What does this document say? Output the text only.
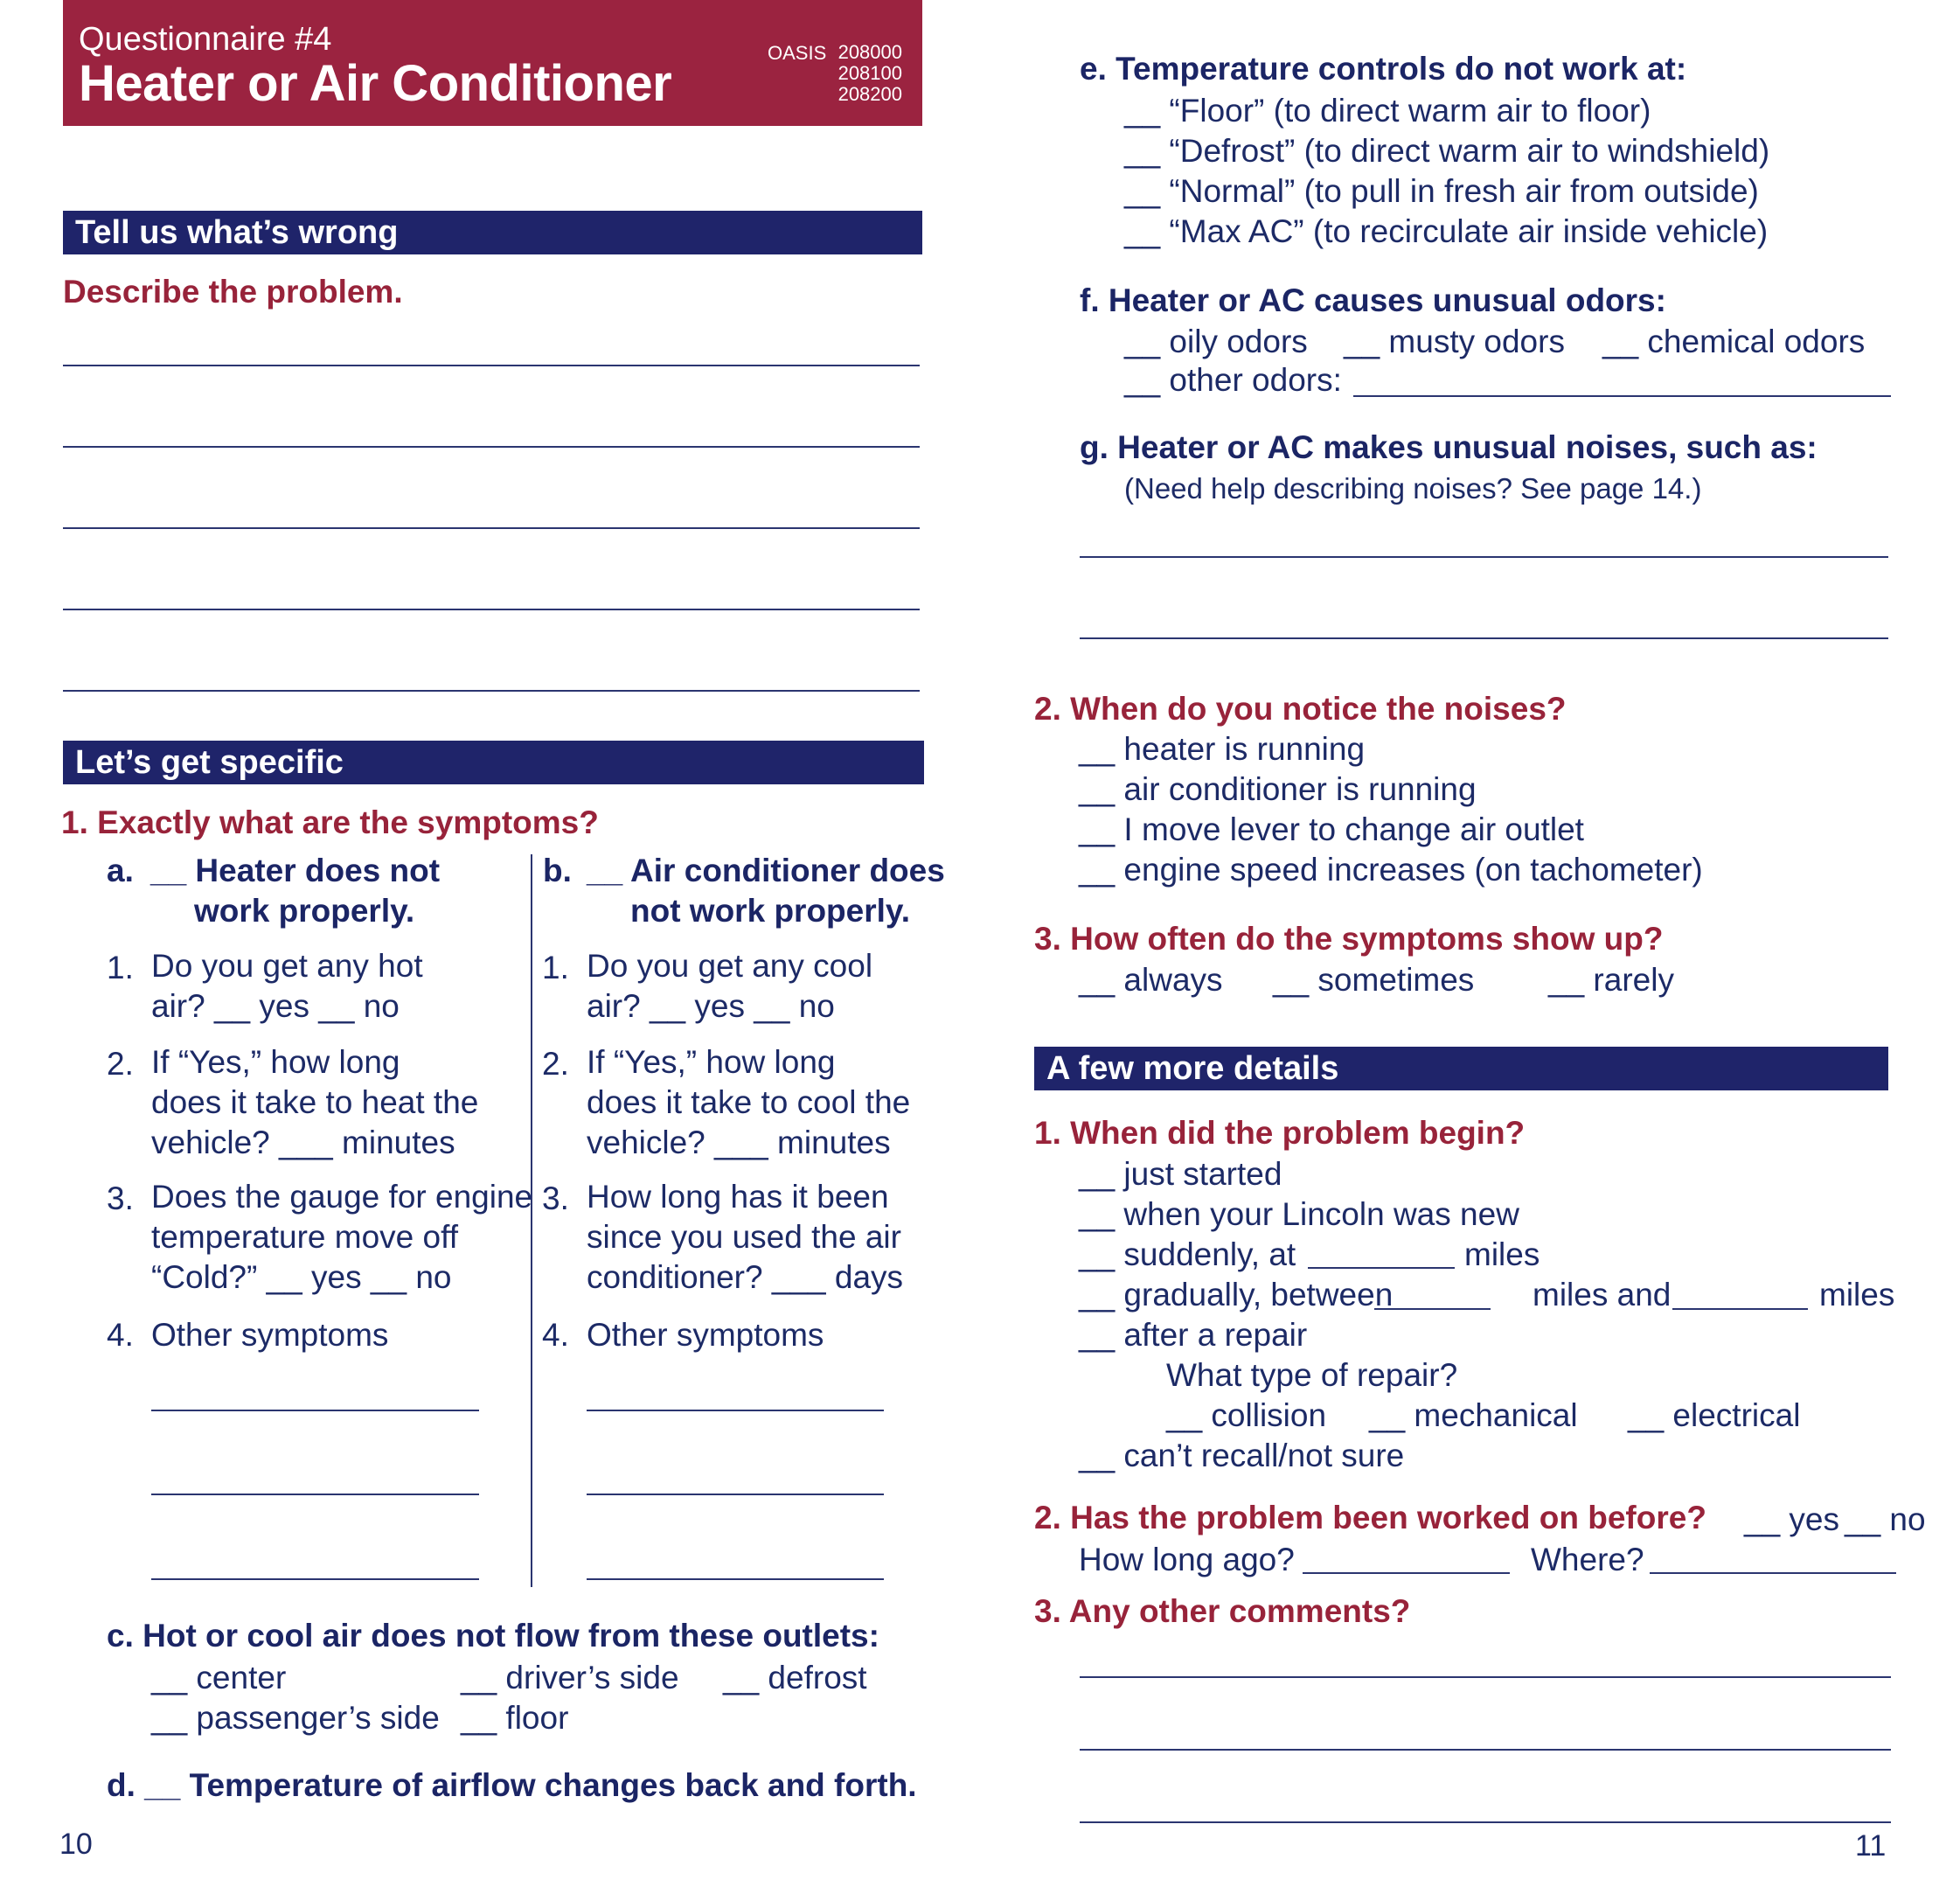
Questionnaire #4
Heater or Air Conditioner
OASIS 208000
208100
208200
Tell us what’s wrong
Describe the problem.
Let’s get specific
1. Exactly what are the symptoms?
a. __ Heater does not
work properly.
1. Do you get any hot
air? __ yes __ no
2. If “Yes,” how long
does it take to heat the
vehicle? ___ minutes
3. Does the gauge for engine
temperature move off
“Cold?” __ yes __ no
4. Other symptoms
b. __ Air conditioner does
not work properly.
1. Do you get any cool
air? __ yes __ no
2. If “Yes,” how long
does it take to cool the
vehicle? ___ minutes
3. How long has it been
since you used the air
conditioner? ___ days
4. Other symptoms
c. Hot or cool air does not flow from these outlets:
__ center	__ driver’s side __ defrost
__ passenger’s side __ floor
d. __ Temperature of airflow changes back and forth.
10
e. Temperature controls do not work at:
__ “Floor” (to direct warm air to floor)
__ “Defrost” (to direct warm air to windshield)
__ “Normal” (to pull in fresh air from outside)
__ “Max AC” (to recirculate air inside vehicle)
f. Heater or AC causes unusual odors:
__ oily odors __ musty odors __ chemical odors
__ other odors:
g. Heater or AC makes unusual noises, such as:
(Need help describing noises? See page 14.)
2. When do you notice the noises?
__ heater is running
__ air conditioner is running
__ I move lever to change air outlet
__ engine speed increases (on tachometer)
3. How often do the symptoms show up?
__ always __ sometimes __ rarely
A few more details
1. When did the problem begin?
__ just started
__ when your Lincoln was new
__ suddenly, at	miles
__ gradually, between	miles and	miles
__ after a repair
What type of repair?
__ collision __ mechanical __ electrical
__ can’t recall/not sure
2. Has the problem been worked on before? __ yes __ no
How long ago?	Where?
3. Any other comments?
11
